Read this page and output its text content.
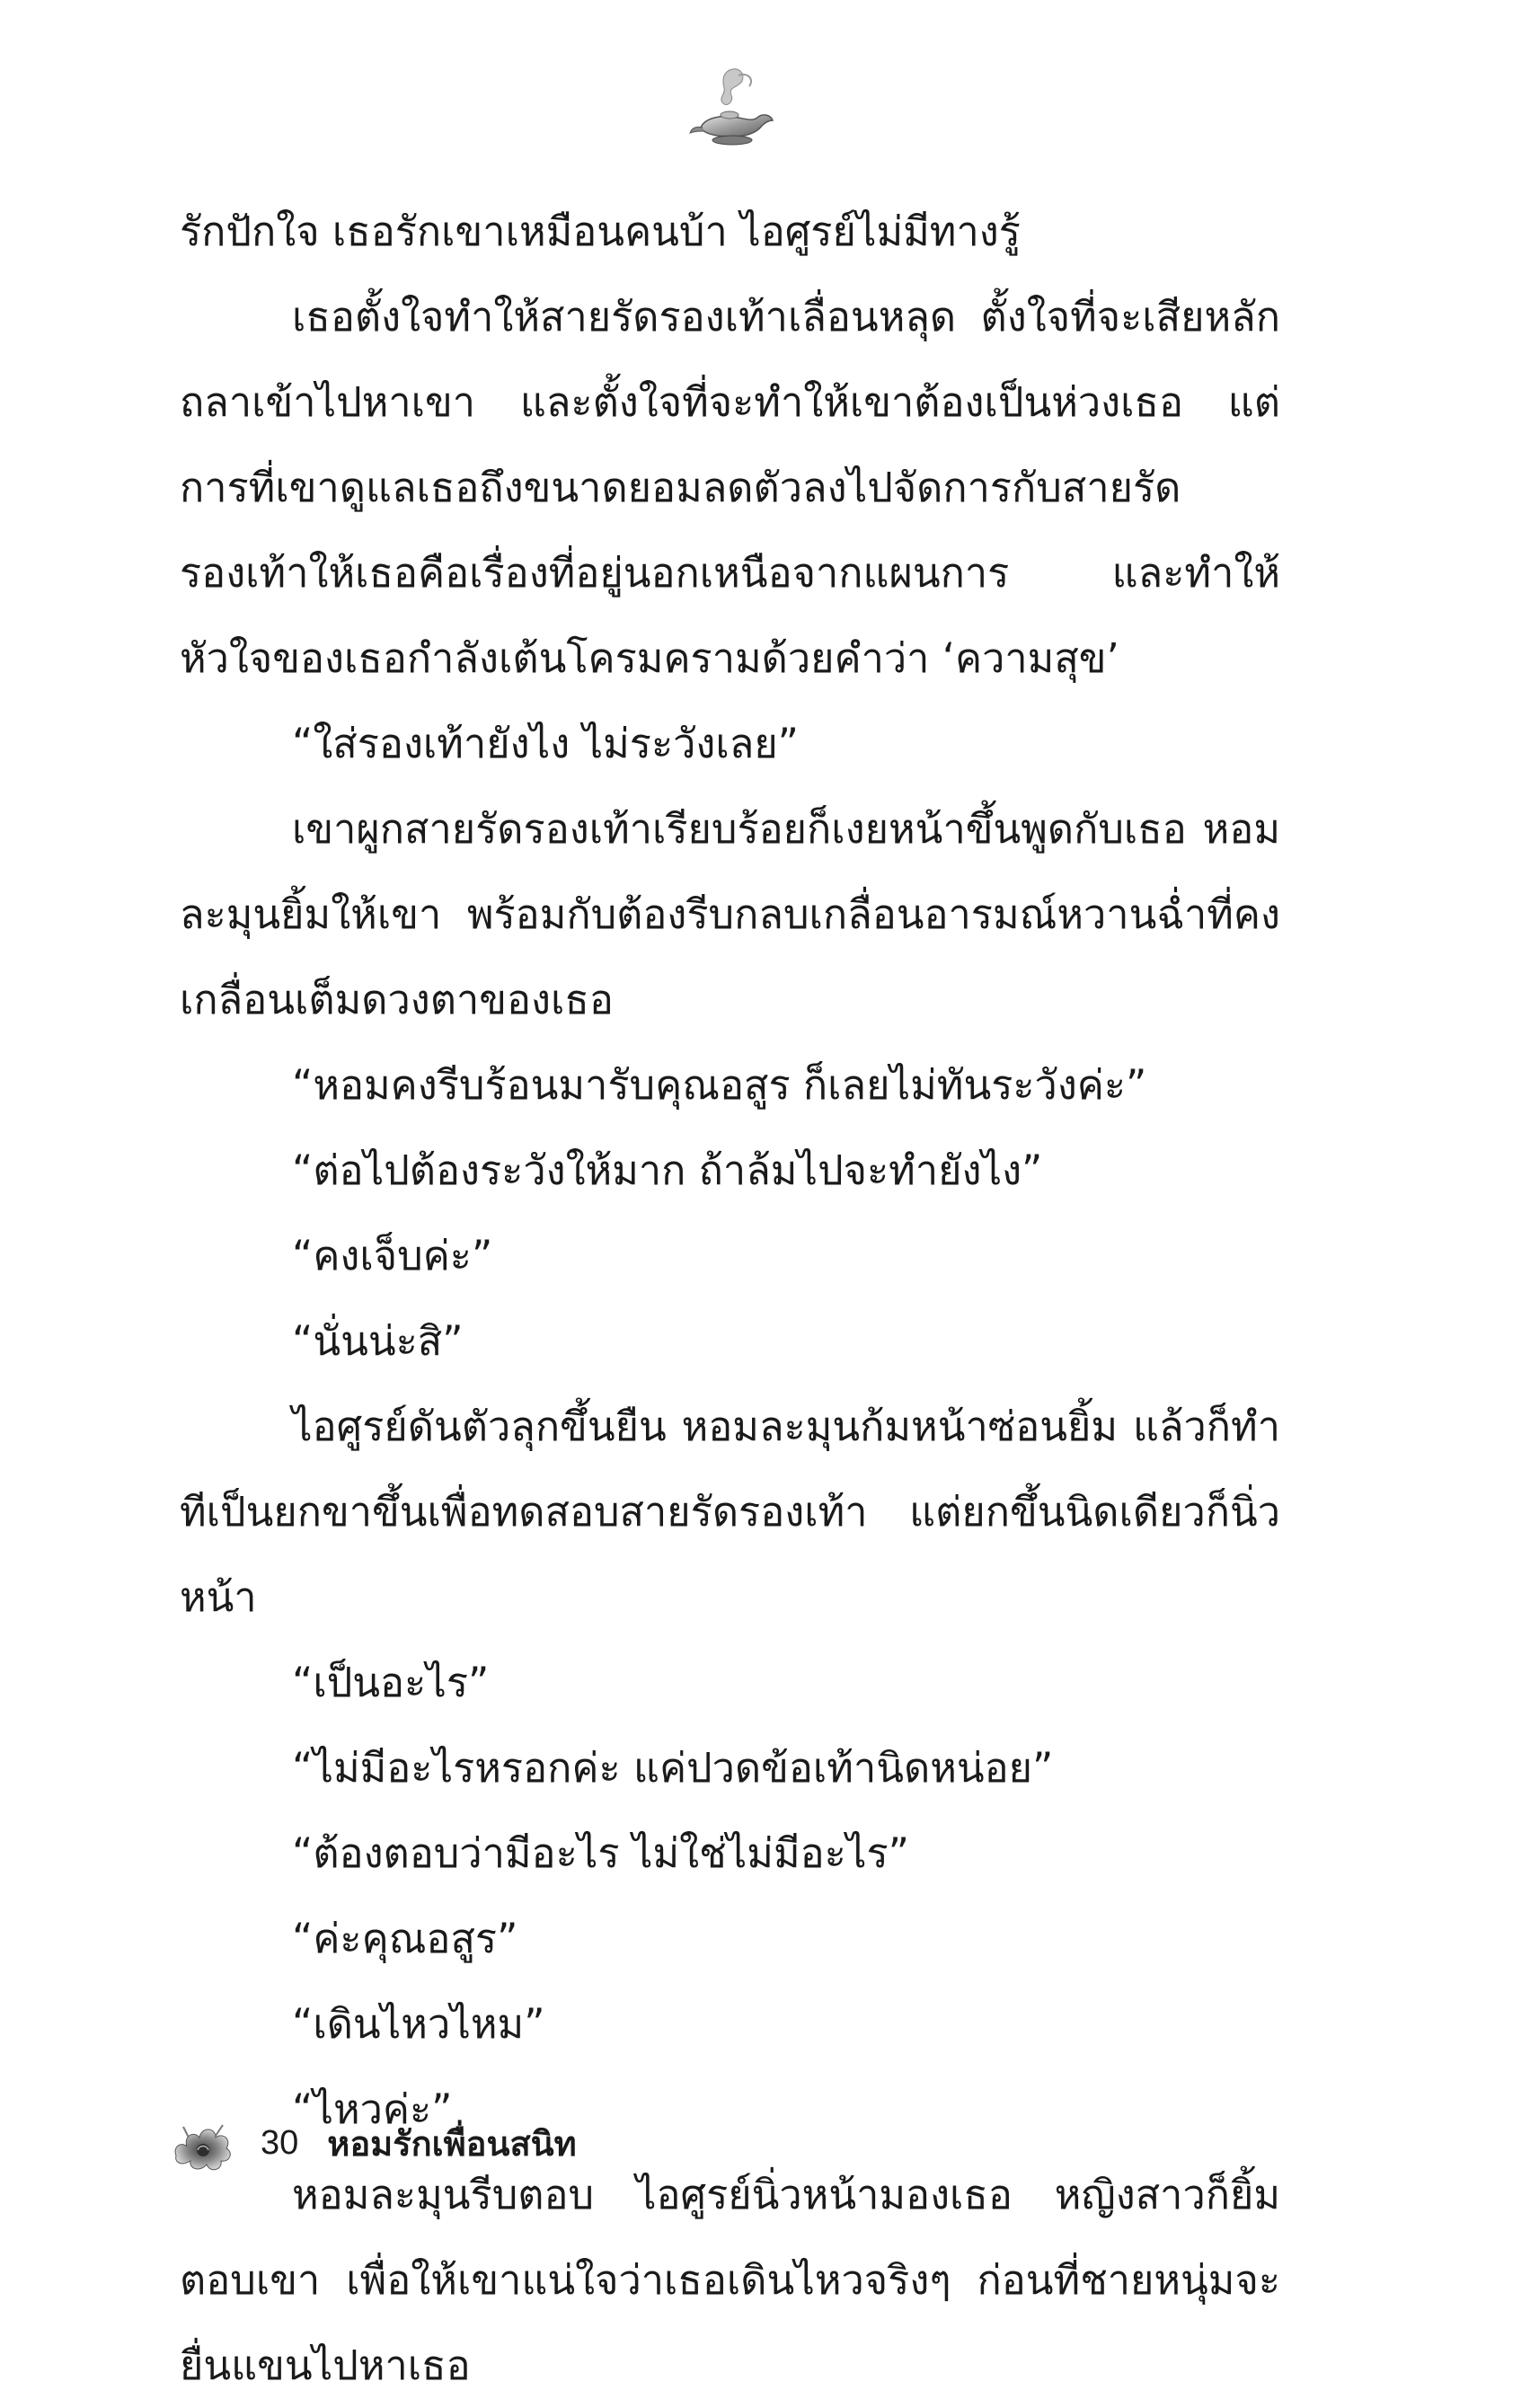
รักปักใจ เธอรักเขาเหมือนคนบ้า ไอศูรย์ไม่มีทางรู้

เธอตั้งใจทำให้สายรัดรองเท้าเลื่อนหลุด ตั้งใจที่จะเสียหลักถลาเข้าไปหาเขา และตั้งใจที่จะทำให้เขาต้องเป็นห่วงเธอ แต่การที่เขาดูแลเธอถึงขนาดยอมลดตัวลงไปจัดการกับสายรัดรองเท้าให้เธอคือเรื่องที่อยู่นอกเหนือจากแผนการ และทำให้หัวใจของเธอกำลังเต้นโครมครามด้วยคำว่า ‘ความสุข’

“ใส่รองเท้ายังไง ไม่ระวังเลย”

เขาผูกสายรัดรองเท้าเรียบร้อยก็เงยหน้าขึ้นพูดกับเธอ หอมละมุนยิ้มให้เขา พร้อมกับต้องรีบกลบเกลื่อนอารมณ์หวานฉ่ำที่คงเกลื่อนเต็มดวงตาของเธอ

“หอมคงรีบร้อนมารับคุณอสูร ก็เลยไม่ทันระวังค่ะ”

“ต่อไปต้องระวังให้มาก ถ้าล้มไปจะทำยังไง”

“คงเจ็บค่ะ”

“นั่นน่ะสิ”

ไอศูรย์ดันตัวลุกขึ้นยืน หอมละมุนก้มหน้าซ่อนยิ้ม แล้วก็ทำทีเป็นยกขาขึ้นเพื่อทดสอบสายรัดรองเท้า แต่ยกขึ้นนิดเดียวก็นิ่วหน้า

“เป็นอะไร”

“ไม่มีอะไรหรอกค่ะ แค่ปวดข้อเท้านิดหน่อย”

“ต้องตอบว่ามีอะไร ไม่ใช่ไม่มีอะไร”

“ค่ะคุณอสูร”

“เดินไหวไหม”

“ไหวค่ะ”

หอมละมุนรีบตอบ ไอศูรย์นิ่วหน้ามองเธอ หญิงสาวก็ยิ้มตอบเขา เพื่อให้เขาแน่ใจว่าเธอเดินไหวจริงๆ ก่อนที่ชายหนุ่มจะยื่นแขนไปหาเธอ

30 หอมรักเพื่อนสนิท
